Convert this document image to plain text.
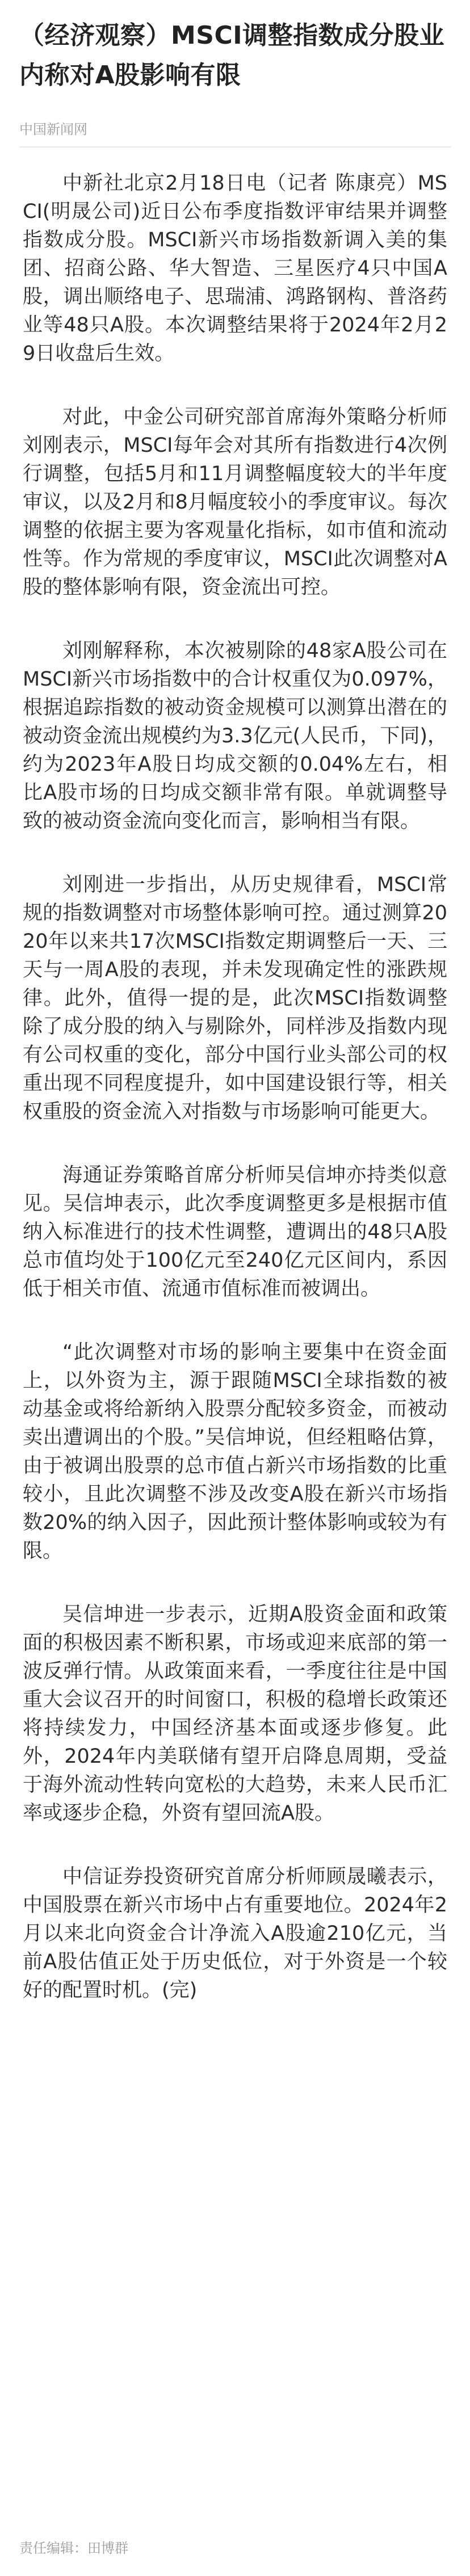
（经济观察）MSCI调整指数成分股业内称对A股影响有限
中国新闻网

中新社北京2月18日电（记者 陈康亮）MSCI(明晟公司)近日公布季度指数评审结果并调整指数成分股。MSCI新兴市场指数新调入美的集团、招商公路、华大智造、三星医疗4只中国A股，调出顺络电子、思瑞浦、鸿路钢构、普洛药业等48只A股。本次调整结果将于2024年2月29日收盘后生效。

对此，中金公司研究部首席海外策略分析师刘刚表示，MSCI每年会对其所有指数进行4次例行调整，包括5月和11月调整幅度较大的半年度审议，以及2月和8月幅度较小的季度审议。每次调整的依据主要为客观量化指标，如市值和流动性等。作为常规的季度审议，MSCI此次调整对A股的整体影响有限，资金流出可控。

刘刚解释称，本次被剔除的48家A股公司在MSCI新兴市场指数中的合计权重仅为0.097%，根据追踪指数的被动资金规模可以测算出潜在的被动资金流出规模约为3.3亿元(人民币，下同)，约为2023年A股日均成交额的0.04%左右，相比A股市场的日均成交额非常有限。单就调整导致的被动资金流向变化而言，影响相当有限。

刘刚进一步指出，从历史规律看，MSCI常规的指数调整对市场整体影响可控。通过测算2020年以来共17次MSCI指数定期调整后一天、三天与一周A股的表现，并未发现确定性的涨跌规律。此外，值得一提的是，此次MSCI指数调整除了成分股的纳入与剔除外，同样涉及指数内现有公司权重的变化，部分中国行业头部公司的权重出现不同程度提升，如中国建设银行等，相关权重股的资金流入对指数与市场影响可能更大。

海通证券策略首席分析师吴信坤亦持类似意见。吴信坤表示，此次季度调整更多是根据市值纳入标准进行的技术性调整，遭调出的48只A股总市值均处于100亿元至240亿元区间内，系因低于相关市值、流通市值标准而被调出。

“此次调整对市场的影响主要集中在资金面上，以外资为主，源于跟随MSCI全球指数的被动基金或将给新纳入股票分配较多资金，而被动卖出遭调出的个股。”吴信坤说，但经粗略估算，由于被调出股票的总市值占新兴市场指数的比重较小，且此次调整不涉及改变A股在新兴市场指数20%的纳入因子，因此预计整体影响或较为有限。

吴信坤进一步表示，近期A股资金面和政策面的积极因素不断积累，市场或迎来底部的第一波反弹行情。从政策面来看，一季度往往是中国重大会议召开的时间窗口，积极的稳增长政策还将持续发力，中国经济基本面或逐步修复。此外，2024年内美联储有望开启降息周期，受益于海外流动性转向宽松的大趋势，未来人民币汇率或逐步企稳，外资有望回流A股。

中信证券投资研究首席分析师顾晟曦表示，中国股票在新兴市场中占有重要地位。2024年2月以来北向资金合计净流入A股逾210亿元，当前A股估值正处于历史低位，对于外资是一个较好的配置时机。(完)

责任编辑：田博群
